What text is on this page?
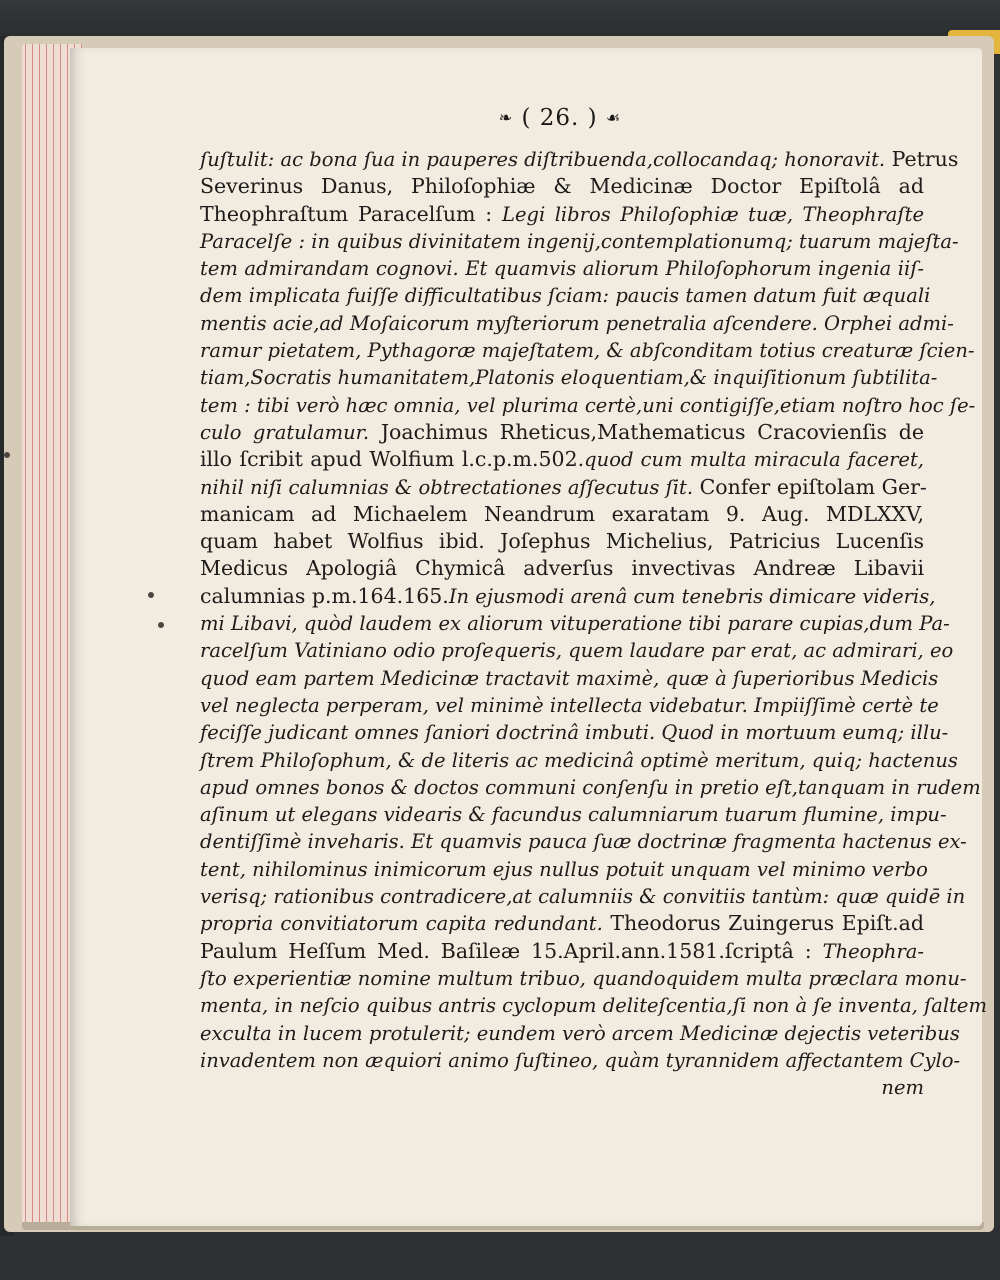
❧ ( 26. ) ☙
ſuſtulit: ac bona ſua in pauperes diſtribuenda,collocandaq; honoravit. Petrus
Severinus Danus, Philoſophiæ & Medicinæ Doctor Epiſtolâ ad
Theophraſtum Paracelſum : Legi libros Philoſophiæ tuæ, Theophraſte
Paracelſe : in quibus divinitatem ingenij,contemplationumq; tuarum majeſta-
tem admirandam cognovi. Et quamvis aliorum Philoſophorum ingenia iiſ-
dem implicata fuiſſe difficultatibus ſciam: paucis tamen datum fuit æquali
mentis acie,ad Moſaicorum myſteriorum penetralia aſcendere. Orphei admi-
ramur pietatem, Pythagoræ majeſtatem, & abſconditam totius creaturæ ſcien-
tiam,Socratis humanitatem,Platonis eloquentiam,& inquiſitionum ſubtilita-
tem : tibi verò hæc omnia, vel plurima certè,uni contigiſſe,etiam noſtro hoc ſe-
culo gratulamur. Joachimus Rheticus,Mathematicus Cracovienſis de
illo ſcribit apud Wolfium l.c.p.m.502.quod cum multa miracula faceret,
nihil niſi calumnias & obtrectationes aſſecutus ſit. Confer epiſtolam Ger-
manicam ad Michaelem Neandrum exaratam 9. Aug. MDLXXV,
quam habet Wolfius ibid. Joſephus Michelius, Patricius Lucenſis
Medicus Apologiâ Chymicâ adverſus invectivas Andreæ Libavii
calumnias p.m.164.165.In ejusmodi arenâ cum tenebris dimicare videris,
mi Libavi, quòd laudem ex aliorum vituperatione tibi parare cupias,dum Pa-
racelſum Vatiniano odio proſequeris, quem laudare par erat, ac admirari, eo
quod eam partem Medicinæ tractavit maximè, quæ à ſuperioribus Medicis
vel neglecta perperam, vel minimè intellecta videbatur. Impiiſſimè certè te
feciſſe judicant omnes ſaniori doctrinâ imbuti. Quod in mortuum eumq; illu-
ſtrem Philoſophum, & de literis ac medicinâ optimè meritum, quiq; hactenus
apud omnes bonos & doctos communi conſenſu in pretio eſt,tanquam in rudem
aſinum ut elegans videaris & facundus calumniarum tuarum flumine, impu-
dentiſſimè inveharis. Et quamvis pauca ſuæ doctrinæ fragmenta hactenus ex-
tent, nihilominus inimicorum ejus nullus potuit unquam vel minimo verbo
verisq; rationibus contradicere,at calumniis & convitiis tantùm: quæ quidē in
propria convitiatorum capita redundant. Theodorus Zuingerus Epiſt.ad
Paulum Heſſum Med. Baſileæ 15.April.ann.1581.ſcriptâ : Theophra-
ſto experientiæ nomine multum tribuo, quandoquidem multa præclara monu-
menta, in neſcio quibus antris cyclopum deliteſcentia,ſi non à ſe inventa, ſaltem
exculta in lucem protulerit; eundem verò arcem Medicinæ dejectis veteribus
invadentem non æquiori animo ſuſtineo, quàm tyrannidem affectantem Cylo-
nem
